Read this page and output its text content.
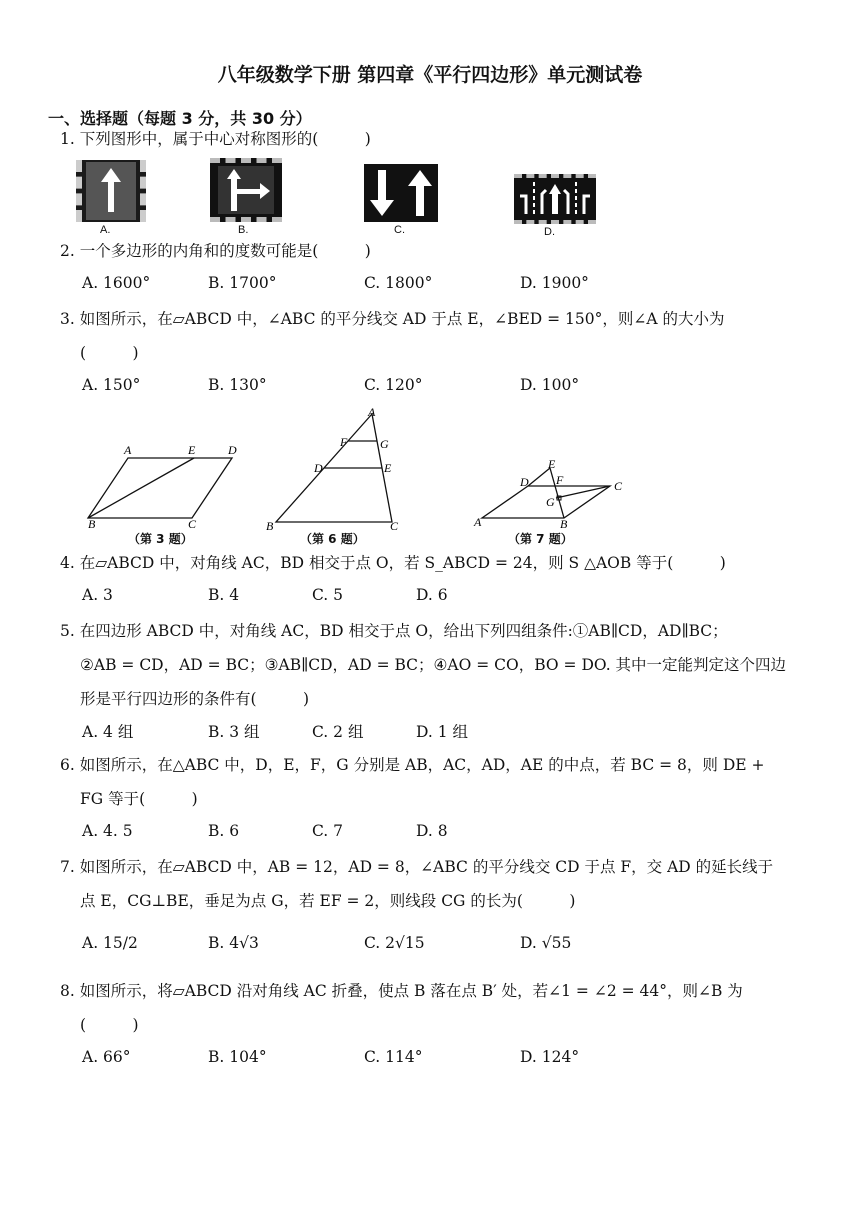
八年级数学下册 第四章《平行四边形》单元测试卷
一、选择题（每题 3 分，共 30 分）
1. 下列图形中，属于中心对称图形的(　　　)
A.	B.	C.	D.
2. 一个多边形的内角和的度数可能是(　　　)
A. 1600°	B. 1700°	C. 1800°	D. 1900°
3. 如图所示，在▱ABCD 中，∠ABC 的平分线交 AD 于点 E，∠BED = 150°，则∠A 的大小为
(　　　)
A. 150°	B. 130°	C. 120°	D. 100°
A	E	D
B	C
（第 3 题）
A
F	G
D	E
B	C
（第 6 题）
E
F
D	C
G
A	B
（第 7 题）
4. 在▱ABCD 中，对角线 AC，BD 相交于点 O，若 S_ABCD = 24，则 S △AOB 等于(　　　)
A. 3	B. 4	C. 5	D. 6
5. 在四边形 ABCD 中，对角线 AC，BD 相交于点 O，给出下列四组条件:①AB∥CD，AD∥BC；
②AB = CD，AD = BC；③AB∥CD，AD = BC；④AO = CO，BO = DO. 其中一定能判定这个四边
形是平行四边形的条件有(　　　)
A. 4 组	B. 3 组	C. 2 组	D. 1 组
6. 如图所示，在△ABC 中，D，E，F，G 分别是 AB，AC，AD，AE 的中点，若 BC = 8，则 DE +
FG 等于(　　　)
A. 4. 5	B. 6	C. 7	D. 8
7. 如图所示，在▱ABCD 中，AB = 12，AD = 8，∠ABC 的平分线交 CD 于点 F，交 AD 的延长线于
点 E，CG⊥BE，垂足为点 G，若 EF = 2，则线段 CG 的长为(　　　)
A. 15/2	B. 4√3	C. 2√15	D. √55
8. 如图所示，将▱ABCD 沿对角线 AC 折叠，使点 B 落在点 B′ 处，若∠1 = ∠2 = 44°，则∠B 为
(　　　)
A. 66°	B. 104°	C. 114°	D. 124°
